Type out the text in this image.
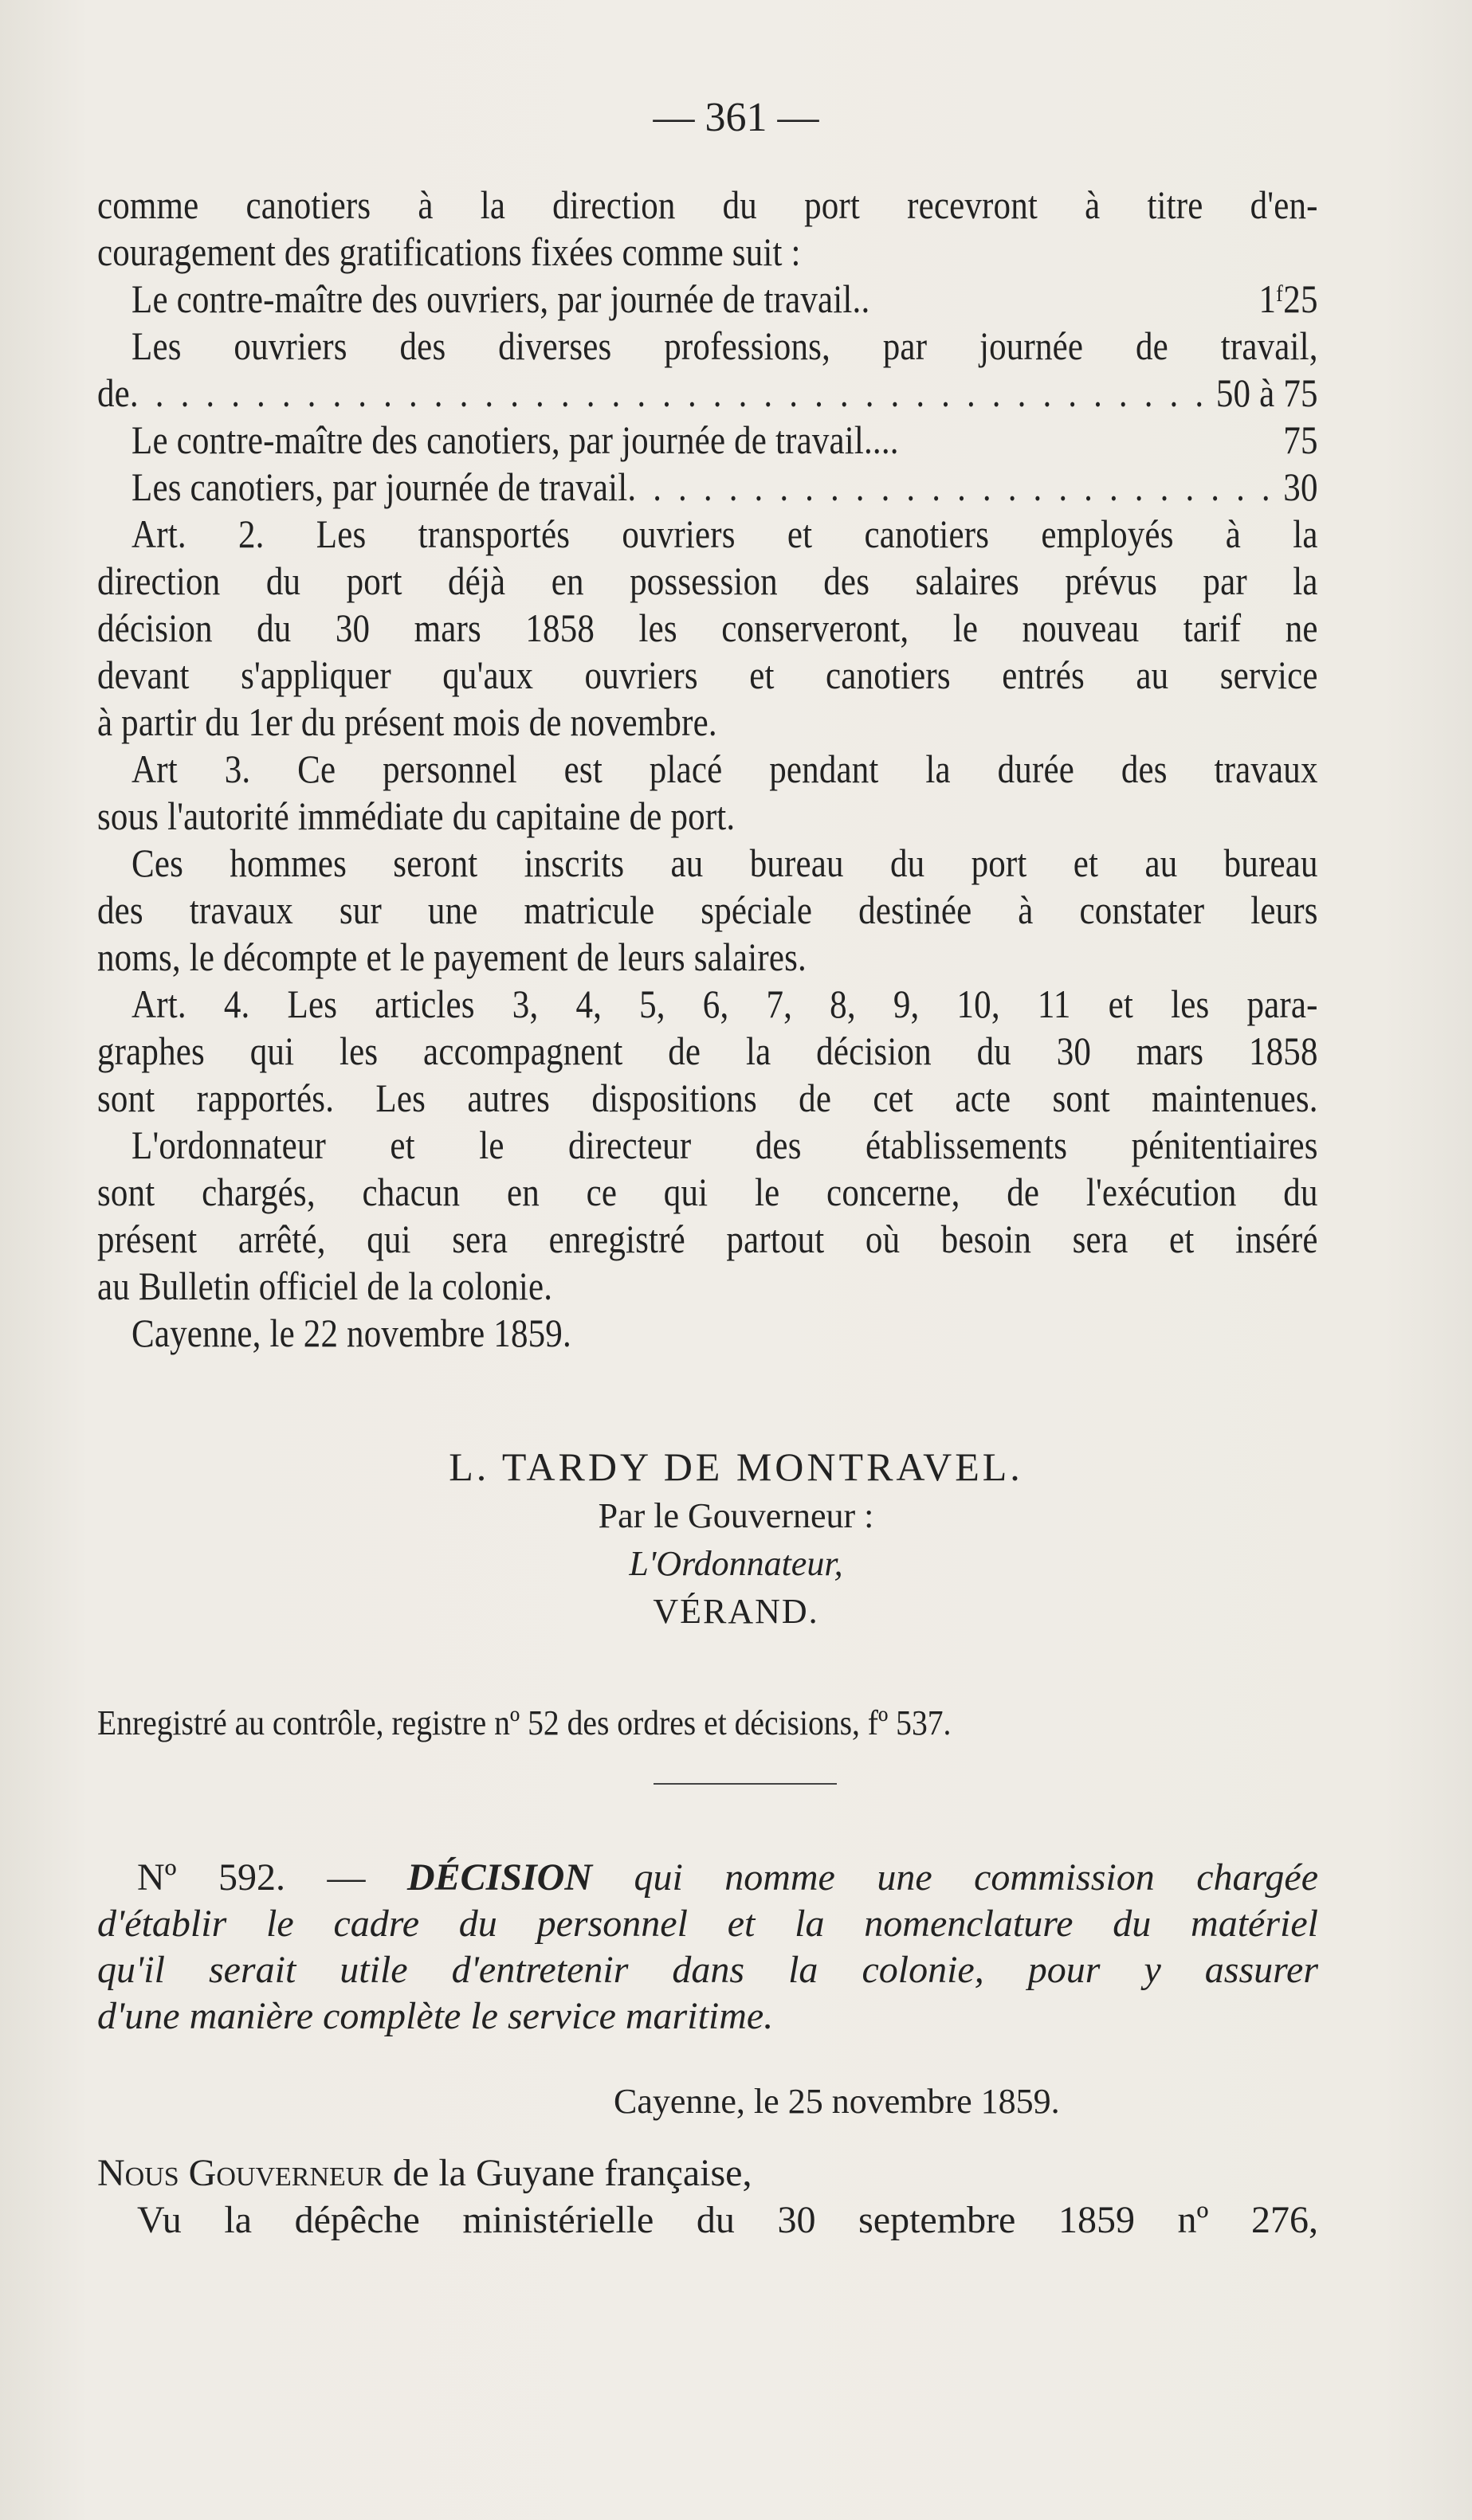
— 361 —
comme canotiers à la direction du port recevront à titre d'en-
couragement des gratifications fixées comme suit :
Le contre-maître des ouvriers, par journée de travail..	1ᶠ25
Les ouvriers des diverses professions, par journée de travail,
de . . .	50 à 75
Le contre-maître des canotiers, par journée de travail....	75
Les canotiers, par journée de travail . . .	30
Art. 2. Les transportés ouvriers et canotiers employés à la
direction du port déjà en possession des salaires prévus par la
décision du 30 mars 1858 les conserveront, le nouveau tarif ne
devant s'appliquer qu'aux ouvriers et canotiers entrés au service
à partir du 1er du présent mois de novembre.
Art 3. Ce personnel est placé pendant la durée des travaux
sous l'autorité immédiate du capitaine de port.
Ces hommes seront inscrits au bureau du port et au bureau
des travaux sur une matricule spéciale destinée à constater leurs
noms, le décompte et le payement de leurs salaires.
Art. 4. Les articles 3, 4, 5, 6, 7, 8, 9, 10, 11 et les para-
graphes qui les accompagnent de la décision du 30 mars 1858
sont rapportés. Les autres dispositions de cet acte sont maintenues.
L'ordonnateur et le directeur des établissements pénitentiaires
sont chargés, chacun en ce qui le concerne, de l'exécution du
présent arrêté, qui sera enregistré partout où besoin sera et inséré
au Bulletin officiel de la colonie.
Cayenne, le 22 novembre 1859.
L. TARDY DE MONTRAVEL.
Par le Gouverneur :
L'Ordonnateur,
VÉRAND.
Enregistré au contrôle, registre nº 52 des ordres et décisions, fº 537.
Nº 592. — DÉCISION qui nomme une commission chargée
d'établir le cadre du personnel et la nomenclature du matériel
qu'il serait utile d'entretenir dans la colonie, pour y assurer
d'une manière complète le service maritime.
Cayenne, le 25 novembre 1859.
Nous Gouverneur de la Guyane française,
Vu la dépêche ministérielle du 30 septembre 1859 nº 276,
